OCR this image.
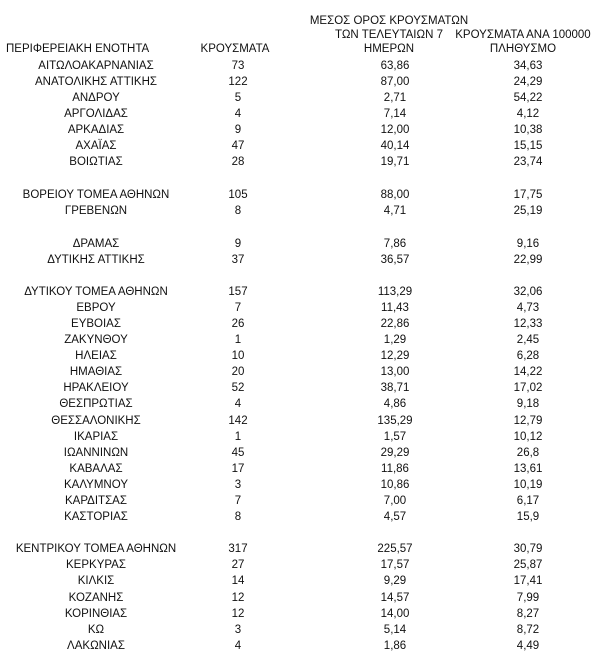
ΠΕΡΙΦΕΡΕΙΑΚΗ ΕΝΟΤΗΤΑ	ΚΡΟΥΣΜΑΤΑ
ΜΕΣΟΣ ΟΡΟΣ ΚΡΟΥΣΜΑΤΩΝ
ΤΩΝ ΤΕΛΕΥΤΑΙΩΝ 7
ΗΜΕΡΩΝ
ΚΡΟΥΣΜΑΤΑ ΑΝΑ 100000
ΠΛΗΘΥΣΜΟ
ΑΙΤΩΛΟΑΚΑΡΝΑΝΙΑΣ	73	63,86	34,63
ΑΝΑΤΟΛΙΚΗΣ ΑΤΤΙΚΗΣ	122	87,00	24,29
ΑΝΔΡΟΥ	5	2,71	54,22
ΑΡΓΟΛΙΔΑΣ	4	7,14	4,12
ΑΡΚΑΔΙΑΣ	9	12,00	10,38
ΑΧΑΪΑΣ	47	40,14	15,15
ΒΟΙΩΤΙΑΣ	28	19,71	23,74
ΒΟΡΕΙΟΥ ΤΟΜΕΑ ΑΘΗΝΩΝ	105	88,00	17,75
ΓΡΕΒΕΝΩΝ	8	4,71	25,19
ΔΡΑΜΑΣ	9	7,86	9,16
ΔΥΤΙΚΗΣ ΑΤΤΙΚΗΣ	37	36,57	22,99
ΔΥΤΙΚΟΥ ΤΟΜΕΑ ΑΘΗΝΩΝ	157	113,29	32,06
ΕΒΡΟΥ	7	11,43	4,73
ΕΥΒΟΙΑΣ	26	22,86	12,33
ΖΑΚΥΝΘΟΥ	1	1,29	2,45
ΗΛΕΙΑΣ	10	12,29	6,28
ΗΜΑΘΙΑΣ	20	13,00	14,22
ΗΡΑΚΛΕΙΟΥ	52	38,71	17,02
ΘΕΣΠΡΩΤΙΑΣ	4	4,86	9,18
ΘΕΣΣΑΛΟΝΙΚΗΣ	142	135,29	12,79
ΙΚΑΡΙΑΣ	1	1,57	10,12
ΙΩΑΝΝΙΝΩΝ	45	29,29	26,8
ΚΑΒΑΛΑΣ	17	11,86	13,61
ΚΑΛΥΜΝΟΥ	3	10,86	10,19
ΚΑΡΔΙΤΣΑΣ	7	7,00	6,17
ΚΑΣΤΟΡΙΑΣ	8	4,57	15,9
ΚΕΝΤΡΙΚΟΥ ΤΟΜΕΑ ΑΘΗΝΩΝ	317	225,57	30,79
ΚΕΡΚΥΡΑΣ	27	17,57	25,87
ΚΙΛΚΙΣ	14	9,29	17,41
ΚΟΖΑΝΗΣ	12	14,57	7,99
ΚΟΡΙΝΘΙΑΣ	12	14,00	8,27
ΚΩ	3	5,14	8,72
ΛΑΚΩΝΙΑΣ	4	1,86	4,49
